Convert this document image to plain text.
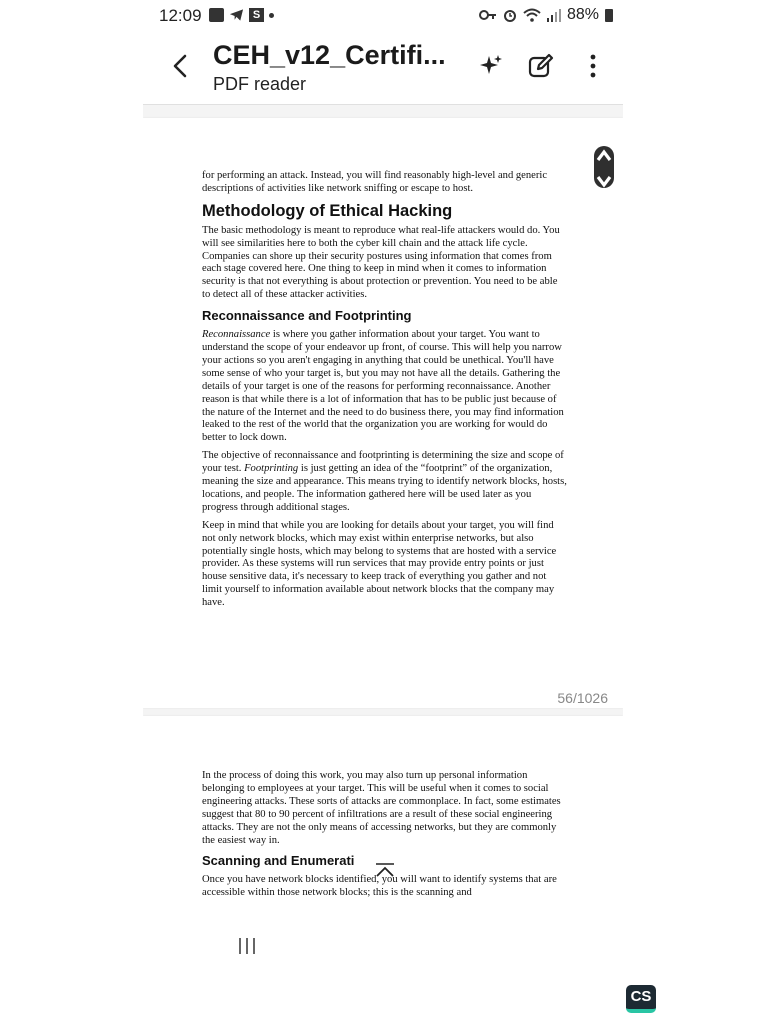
12:09	S	88%
CEH_v12_Certifi...
PDF reader

for performing an attack. Instead, you will find reasonably high-level and generic descriptions of activities like network sniffing or escape to host.

Methodology of Ethical Hacking

The basic methodology is meant to reproduce what real-life attackers would do. You will see similarities here to both the cyber kill chain and the attack life cycle. Companies can shore up their security postures using information that comes from each stage covered here. One thing to keep in mind when it comes to information security is that not everything is about protection or prevention. You need to be able to detect all of these attacker activities.

Reconnaissance and Footprinting

Reconnaissance is where you gather information about your target. You want to understand the scope of your endeavor up front, of course. This will help you narrow your actions so you aren't engaging in anything that could be unethical. You'll have some sense of who your target is, but you may not have all the details. Gathering the details of your target is one of the reasons for performing reconnaissance. Another reason is that while there is a lot of information that has to be public just because of the nature of the Internet and the need to do business there, you may find information leaked to the rest of the world that the organization you are working for would do better to lock down.

The objective of reconnaissance and footprinting is determining the size and scope of your test. Footprinting is just getting an idea of the “footprint” of the organization, meaning the size and appearance. This means trying to identify network blocks, hosts, locations, and people. The information gathered here will be used later as you progress through additional stages.

Keep in mind that while you are looking for details about your target, you will find not only network blocks, which may exist within enterprise networks, but also potentially single hosts, which may belong to systems that are hosted with a service provider. As these systems will run services that may provide entry points or just house sensitive data, it's necessary to keep track of everything you gather and not limit yourself to information available about network blocks that the company may have.

56/1026

In the process of doing this work, you may also turn up personal information belonging to employees at your target. This will be useful when it comes to social engineering attacks. These sorts of attacks are commonplace. In fact, some estimates suggest that 80 to 90 percent of infiltrations are a result of these social engineering attacks. They are not the only means of accessing networks, but they are commonly the easiest way in.

Scanning and Enumerati

Once you have network blocks identified, you will want to identify systems that are accessible within those network blocks; this is the scanning and

CS
